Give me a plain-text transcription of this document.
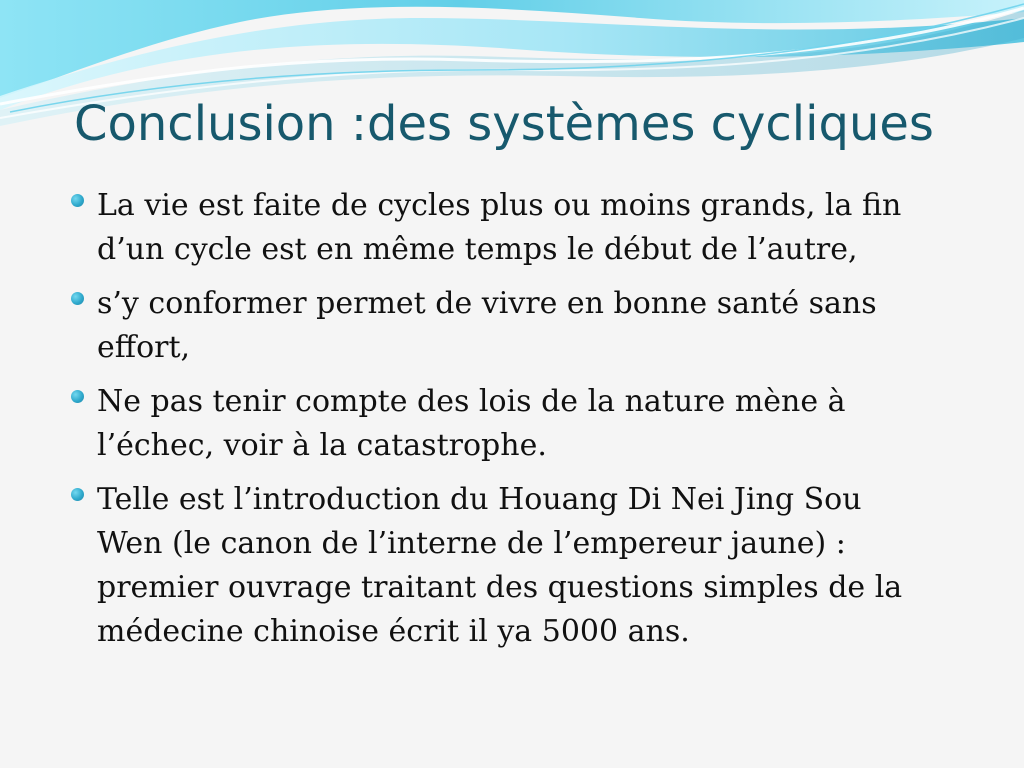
Conclusion :des systèmes cycliques
La vie est faite de cycles plus ou moins grands, la fin
d’un cycle est en même temps le début de l’autre,
s’y conformer permet de vivre en bonne santé sans
effort,
Ne pas tenir compte des lois de la nature mène à
l’échec, voir à la catastrophe.
Telle est l’introduction du Houang Di Nei Jing Sou
Wen (le canon de l’interne de l’empereur jaune) :
premier ouvrage traitant des questions simples de la
médecine chinoise écrit il ya 5000 ans.
